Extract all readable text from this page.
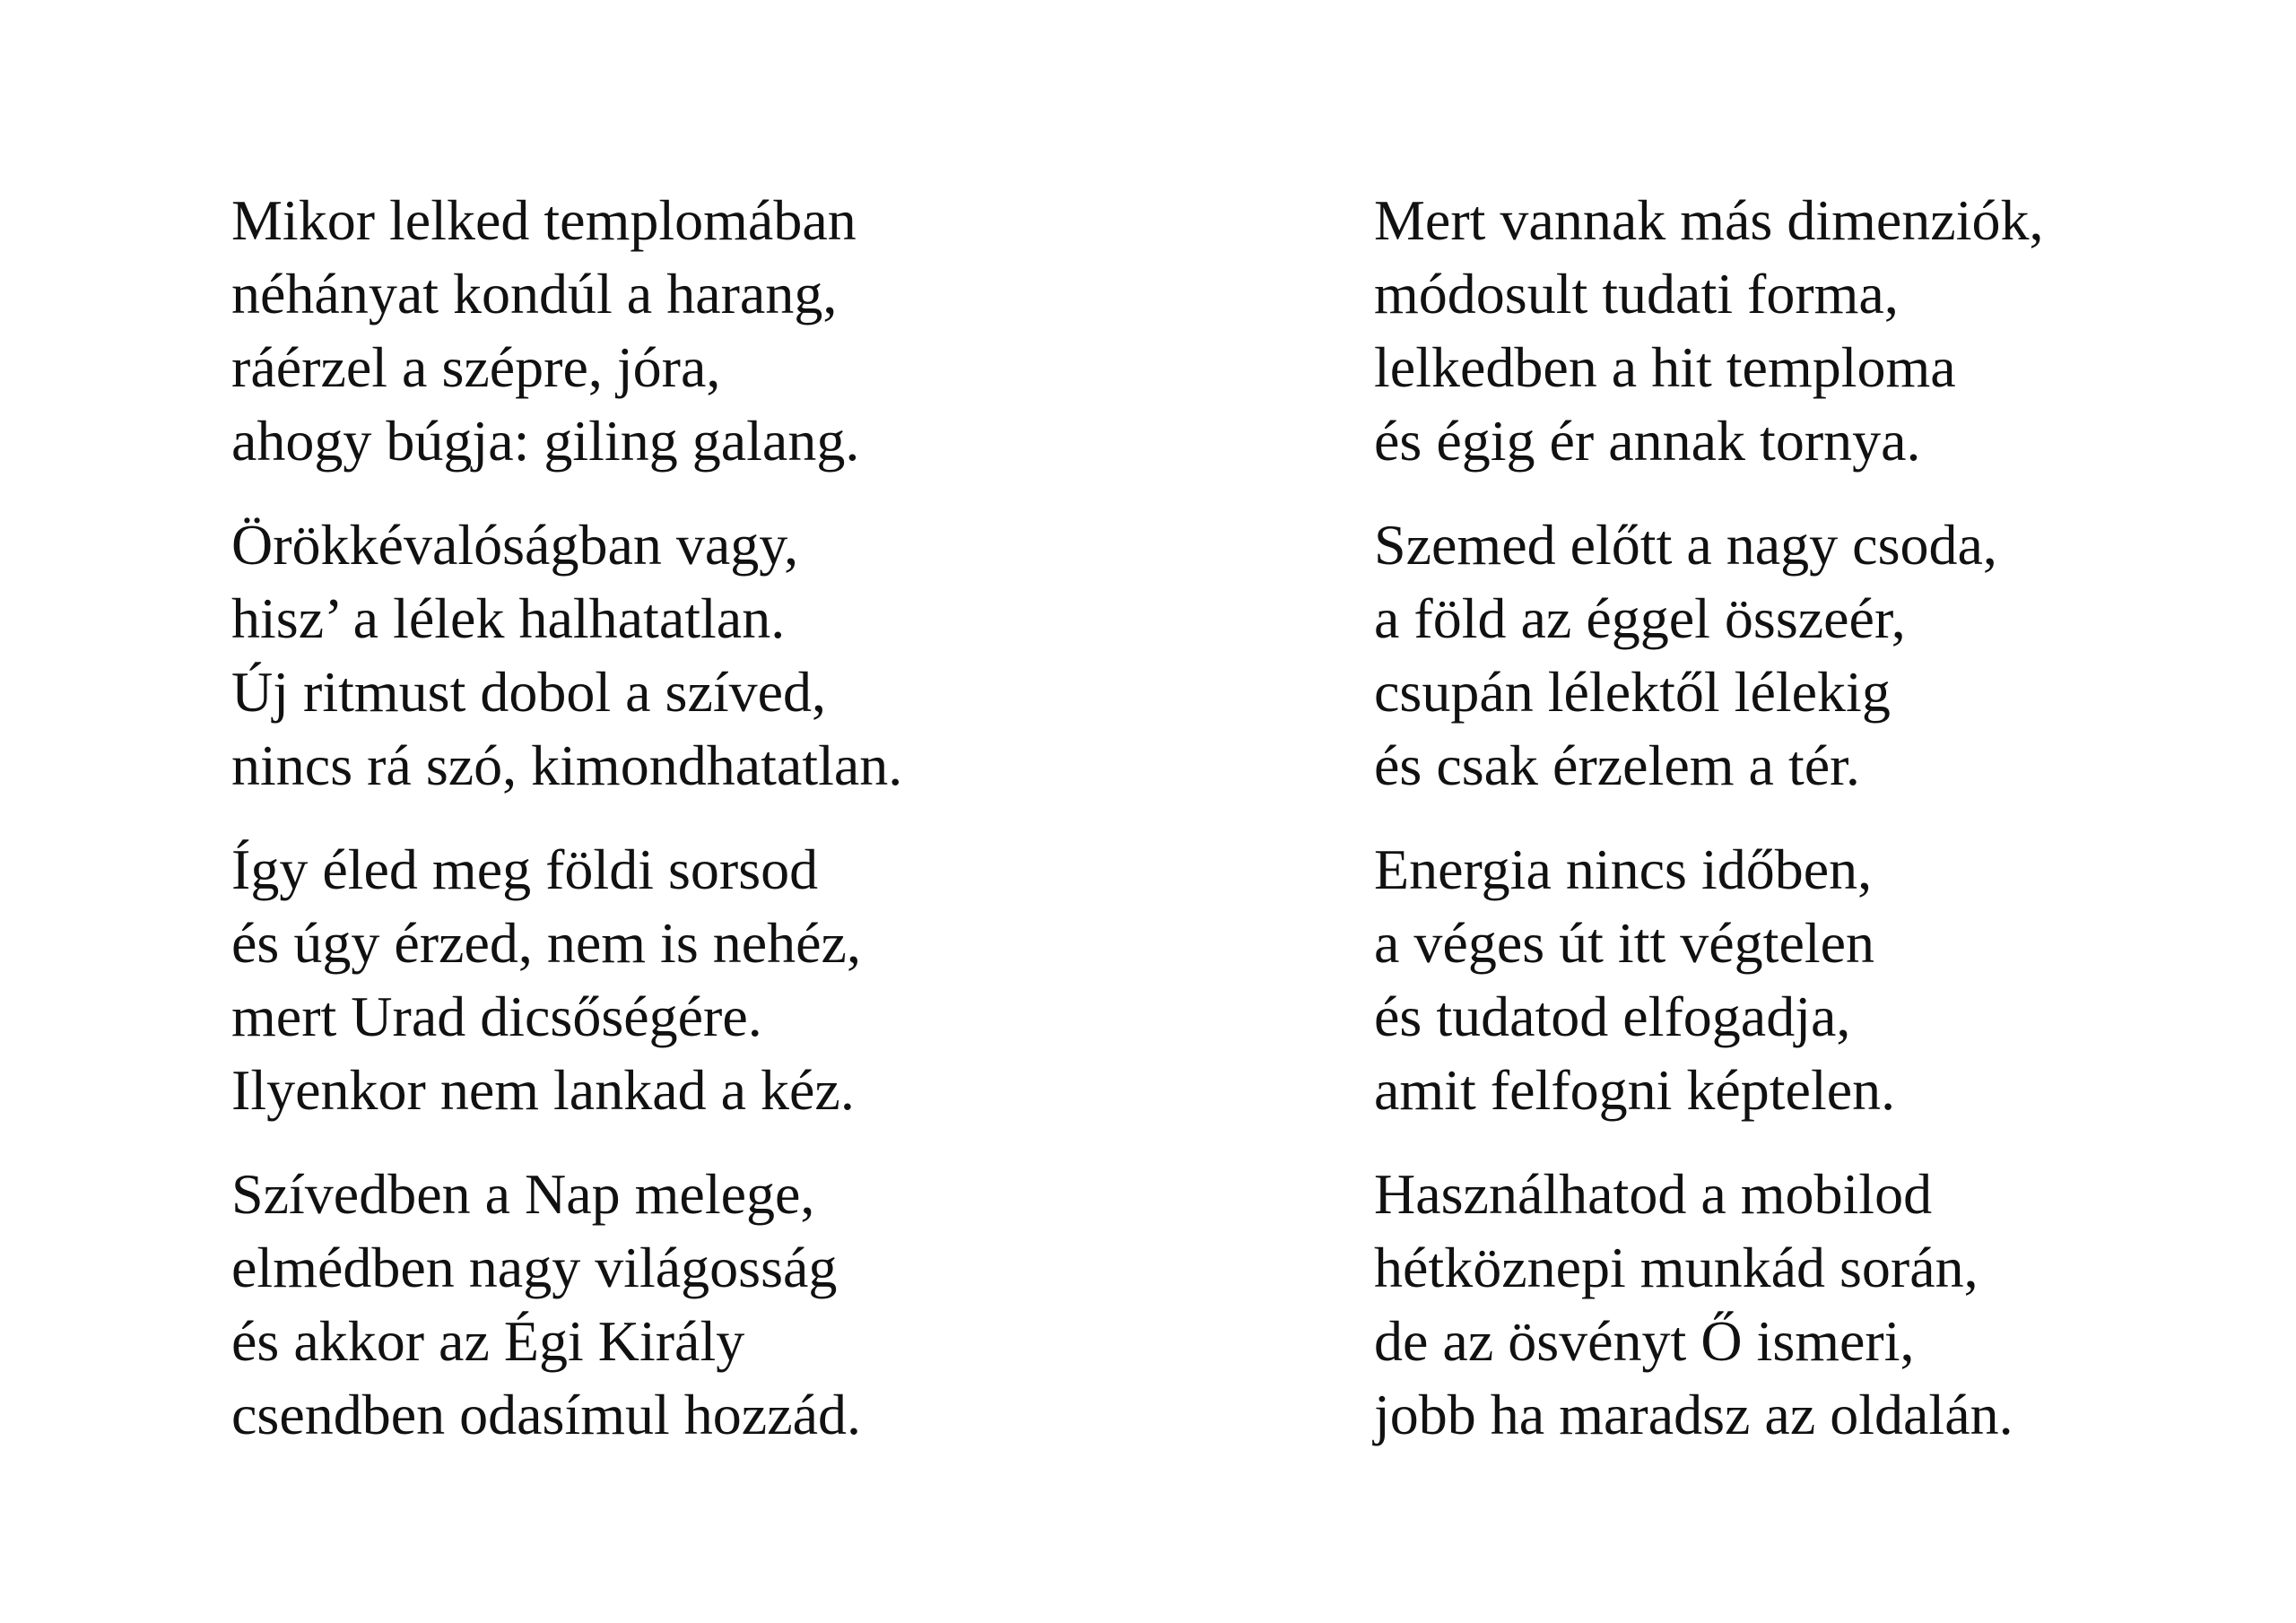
Mikor lelked templomában
néhányat kondúl a harang,
ráérzel a szépre, jóra,
ahogy búgja: giling galang.
Örökkévalóságban vagy,
hisz’ a lélek halhatatlan.
Új ritmust dobol a szíved,
nincs rá szó, kimondhatatlan.
Így éled meg földi sorsod
és úgy érzed, nem is nehéz,
mert Urad dicsőségére.
Ilyenkor nem lankad a kéz.
Szívedben a Nap melege,
elmédben nagy világosság
és akkor az Égi Király
csendben odasímul hozzád.
Mert vannak más dimenziók,
módosult tudati forma,
lelkedben a hit temploma
és égig ér annak tornya.
Szemed előtt a nagy csoda,
a föld az éggel összeér,
csupán lélektől lélekig
és csak érzelem a tér.
Energia nincs időben,
a véges út itt végtelen
és tudatod elfogadja,
amit felfogni képtelen.
Használhatod a mobilod
hétköznepi munkád során,
de az ösvényt Ő ismeri,
jobb ha maradsz az oldalán.
